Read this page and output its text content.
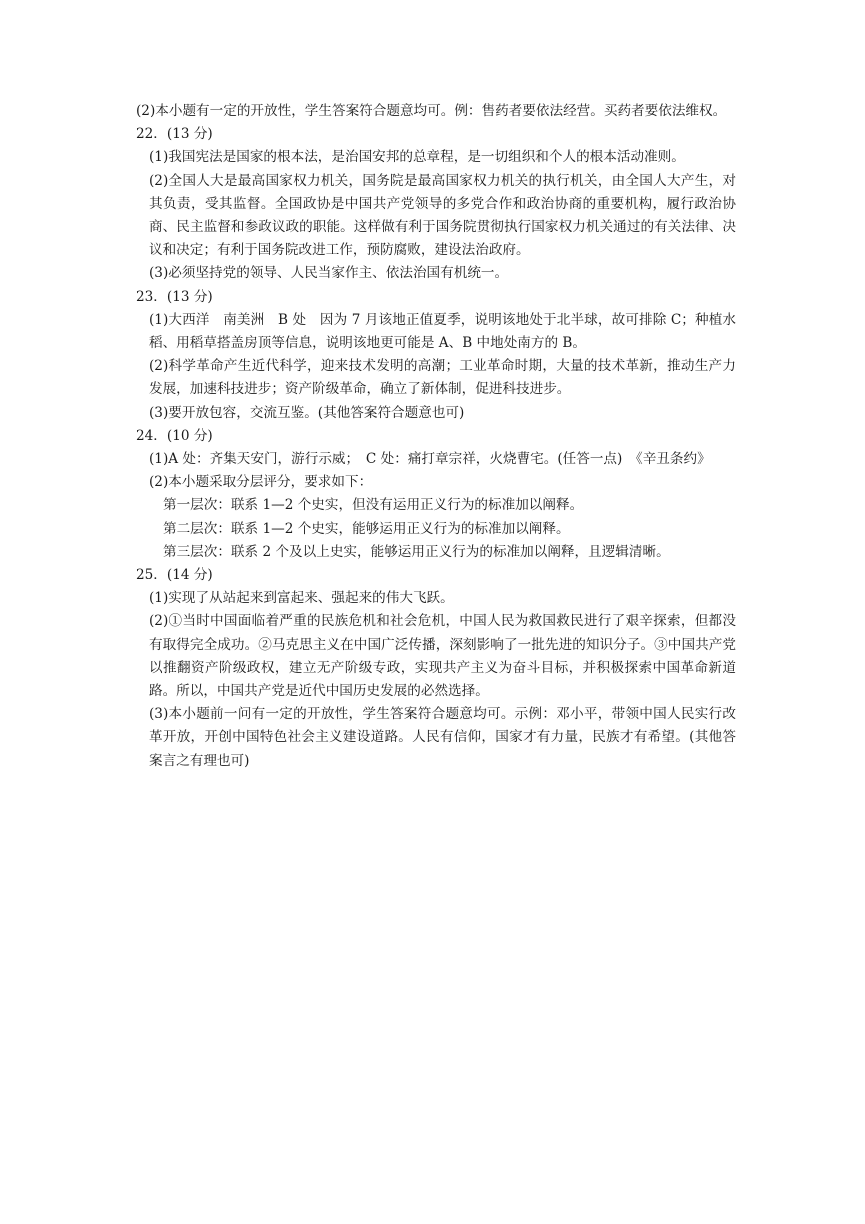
(2)本小题有一定的开放性，学生答案符合题意均可。例：售药者要依法经营。买药者要依法维权。

22．(13 分)

(1)我国宪法是国家的根本法，是治国安邦的总章程，是一切组织和个人的根本活动准则。

(2)全国人大是最高国家权力机关，国务院是最高国家权力机关的执行机关，由全国人大产生，对其负责，受其监督。全国政协是中国共产党领导的多党合作和政治协商的重要机构，履行政治协商、民主监督和参政议政的职能。这样做有利于国务院贯彻执行国家权力机关通过的有关法律、决议和决定；有利于国务院改进工作，预防腐败，建设法治政府。

(3)必须坚持党的领导、人民当家作主、依法治国有机统一。

23．(13 分)

(1)大西洋　南美洲　B 处　因为 7 月该地正值夏季，说明该地处于北半球，故可排除 C；种植水稻、用稻草搭盖房顶等信息，说明该地更可能是 A、B 中地处南方的 B。

(2)科学革命产生近代科学，迎来技术发明的高潮；工业革命时期，大量的技术革新，推动生产力发展，加速科技进步；资产阶级革命，确立了新体制，促进科技进步。

(3)要开放包容，交流互鉴。(其他答案符合题意也可)

24．(10 分)

(1)A 处：齐集天安门，游行示威；　C 处：痛打章宗祥，火烧曹宅。(任答一点)　《辛丑条约》

(2)本小题采取分层评分，要求如下：

第一层次：联系 1—2 个史实，但没有运用正义行为的标准加以阐释。

第二层次：联系 1—2 个史实，能够运用正义行为的标准加以阐释。

第三层次：联系 2 个及以上史实，能够运用正义行为的标准加以阐释，且逻辑清晰。

25．(14 分)

(1)实现了从站起来到富起来、强起来的伟大飞跃。

(2)①当时中国面临着严重的民族危机和社会危机，中国人民为救国救民进行了艰辛探索，但都没有取得完全成功。②马克思主义在中国广泛传播，深刻影响了一批先进的知识分子。③中国共产党以推翻资产阶级政权，建立无产阶级专政，实现共产主义为奋斗目标，并积极探索中国革命新道 路。所以，中国共产党是近代中国历史发展的必然选择。

(3)本小题前一问有一定的开放性，学生答案符合题意均可。示例：邓小平，带领中国人民实行改革开放，开创中国特色社会主义建设道路。人民有信仰，国家才有力量，民族才有希望。(其他答案言之有理也可)
